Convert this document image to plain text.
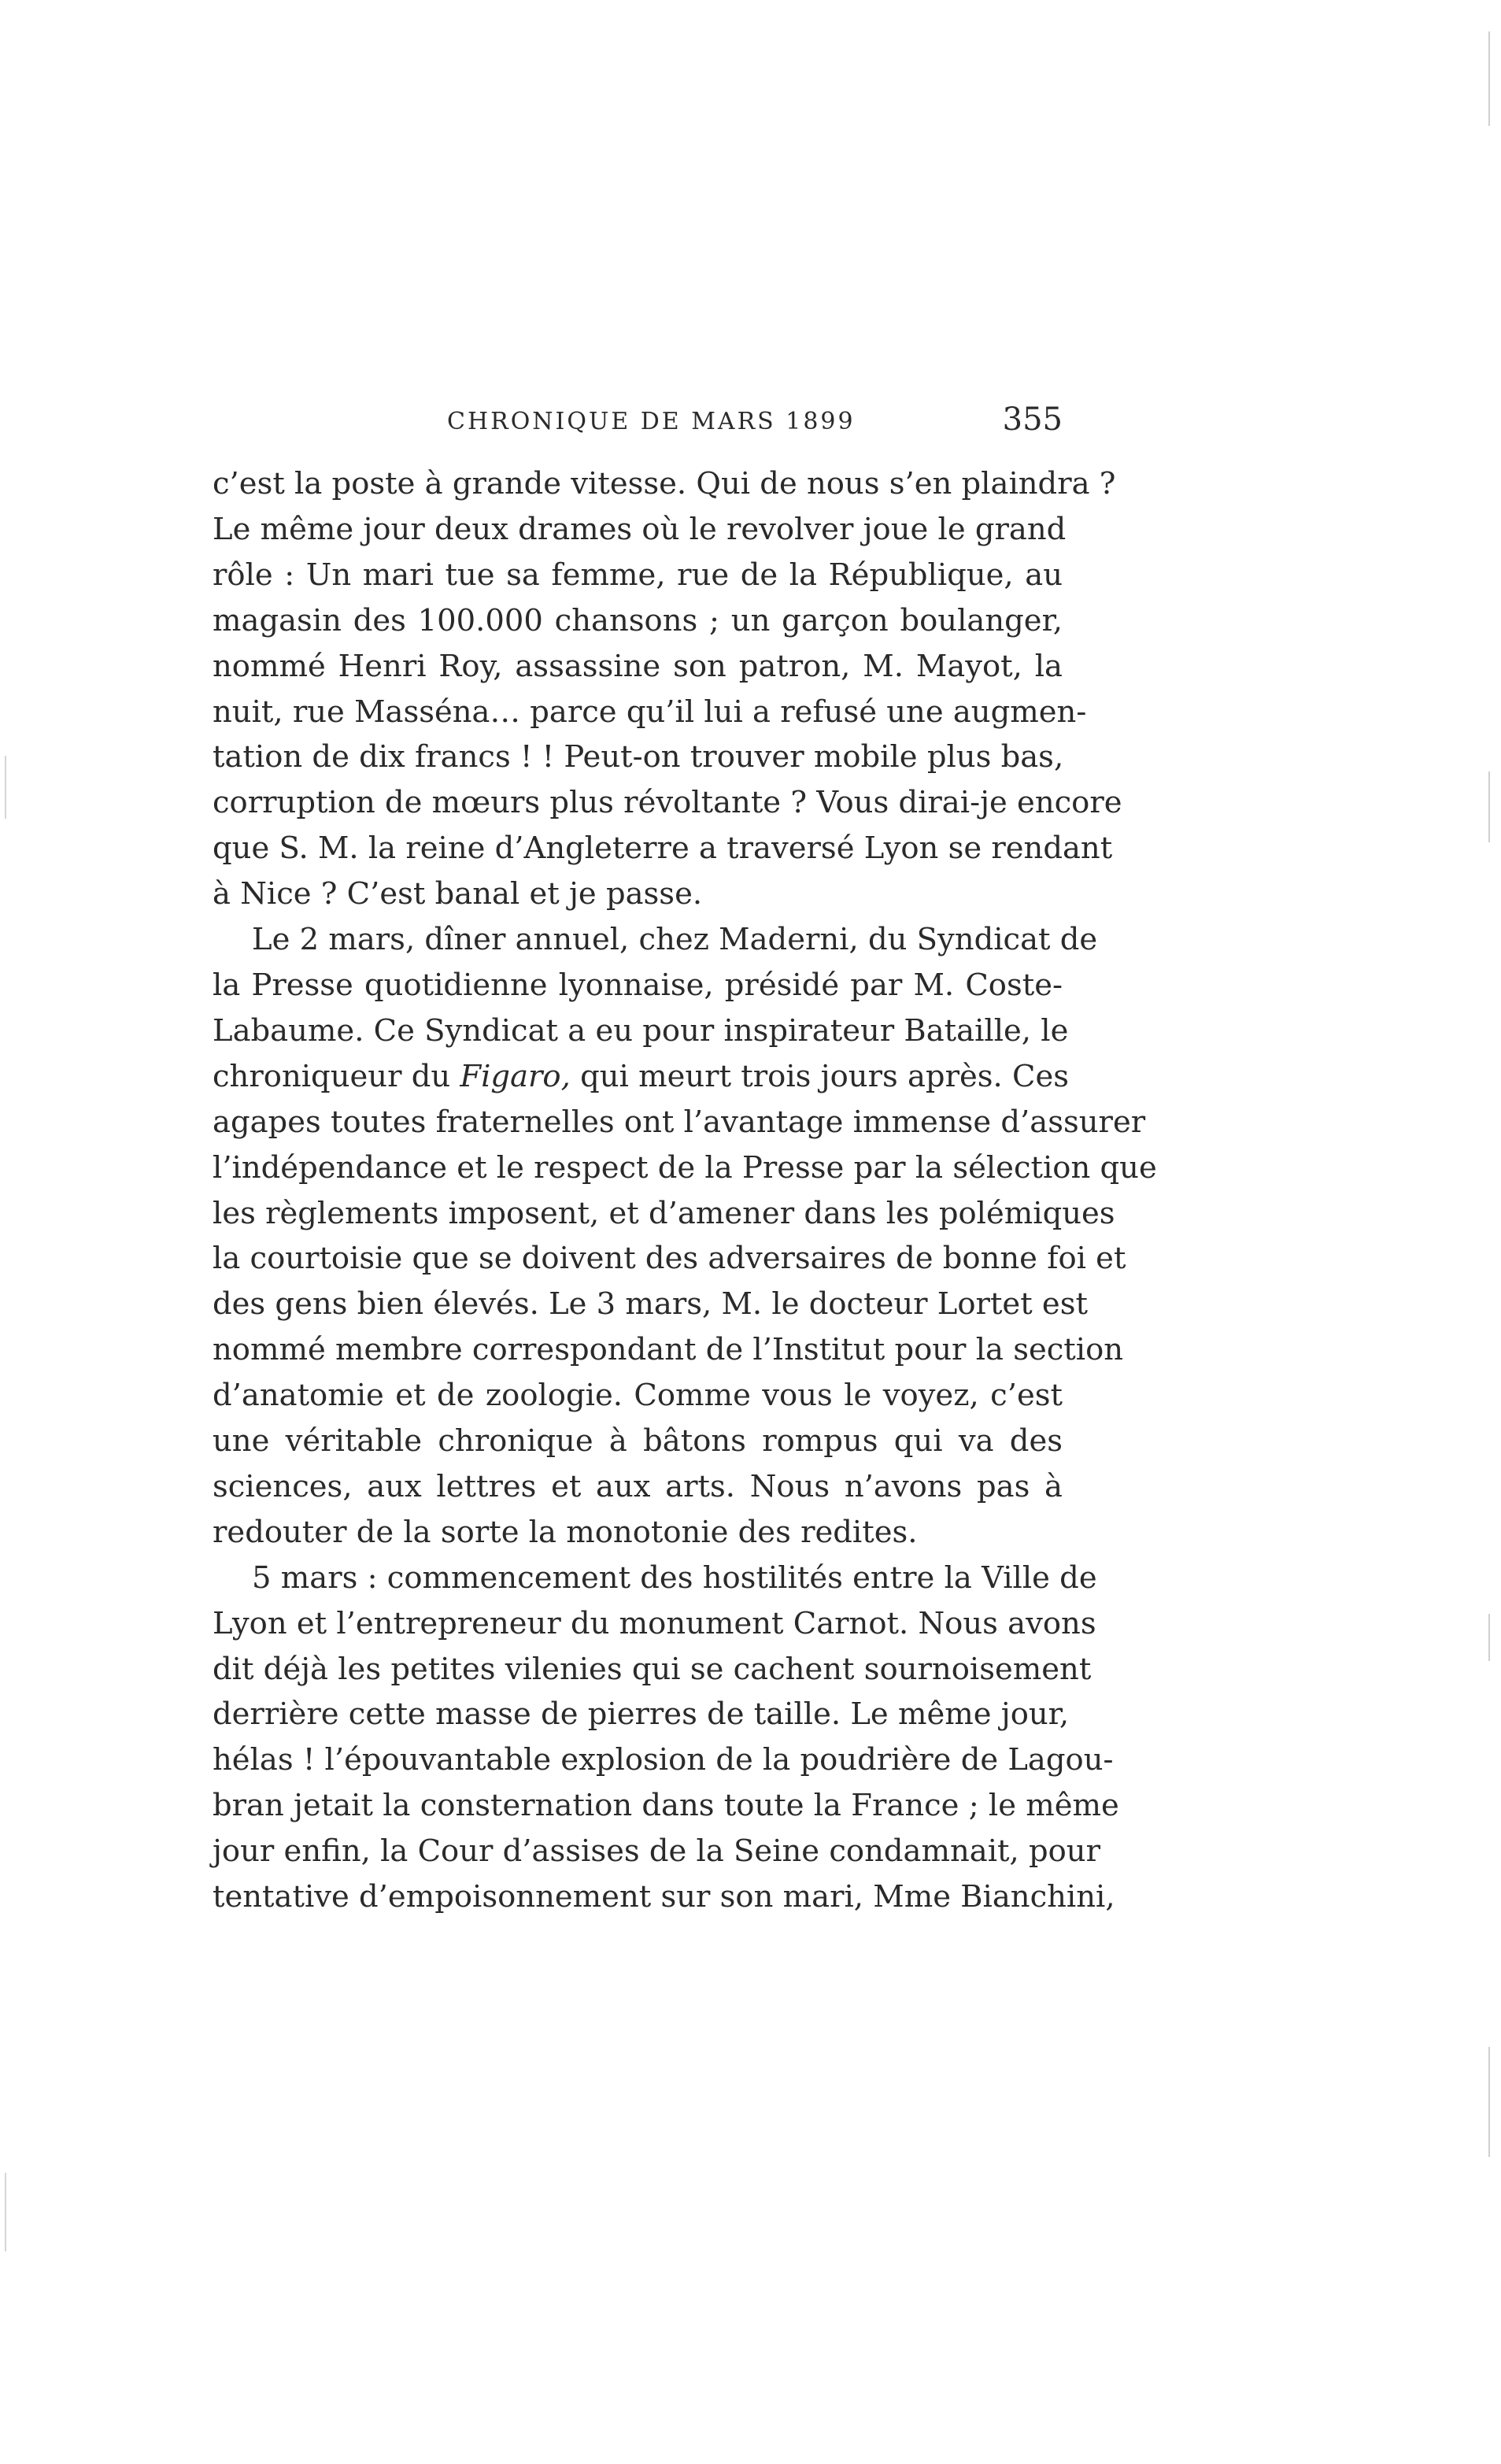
CHRONIQUE DE MARS 1899	355

c’est la poste à grande vitesse. Qui de nous s’en plaindra ?
Le même jour deux drames où le revolver joue le grand
rôle : Un mari tue sa femme, rue de la République, au
magasin des 100.000 chansons ; un garçon boulanger,
nommé Henri Roy, assassine son patron, M. Mayot, la
nuit, rue Masséna… parce qu’il lui a refusé une augmen-
tation de dix francs ! ! Peut-on trouver mobile plus bas,
corruption de mœurs plus révoltante ? Vous dirai-je encore
que S. M. la reine d’Angleterre a traversé Lyon se rendant
à Nice ? C’est banal et je passe.

Le 2 mars, dîner annuel, chez Maderni, du Syndicat de
la Presse quotidienne lyonnaise, présidé par M. Coste-
Labaume. Ce Syndicat a eu pour inspirateur Bataille, le
chroniqueur du Figaro, qui meurt trois jours après. Ces
agapes toutes fraternelles ont l’avantage immense d’assurer
l’indépendance et le respect de la Presse par la sélection que
les règlements imposent, et d’amener dans les polémiques
la courtoisie que se doivent des adversaires de bonne foi et
des gens bien élevés. Le 3 mars, M. le docteur Lortet est
nommé membre correspondant de l’Institut pour la section
d’anatomie et de zoologie. Comme vous le voyez, c’est
une véritable chronique à bâtons rompus qui va des
sciences, aux lettres et aux arts. Nous n’avons pas à
redouter de la sorte la monotonie des redites.

5 mars : commencement des hostilités entre la Ville de
Lyon et l’entrepreneur du monument Carnot. Nous avons
dit déjà les petites vilenies qui se cachent sournoisement
derrière cette masse de pierres de taille. Le même jour,
hélas ! l’épouvantable explosion de la poudrière de Lagou-
bran jetait la consternation dans toute la France ; le même
jour enfin, la Cour d’assises de la Seine condamnait, pour
tentative d’empoisonnement sur son mari, Mme Bianchini,
